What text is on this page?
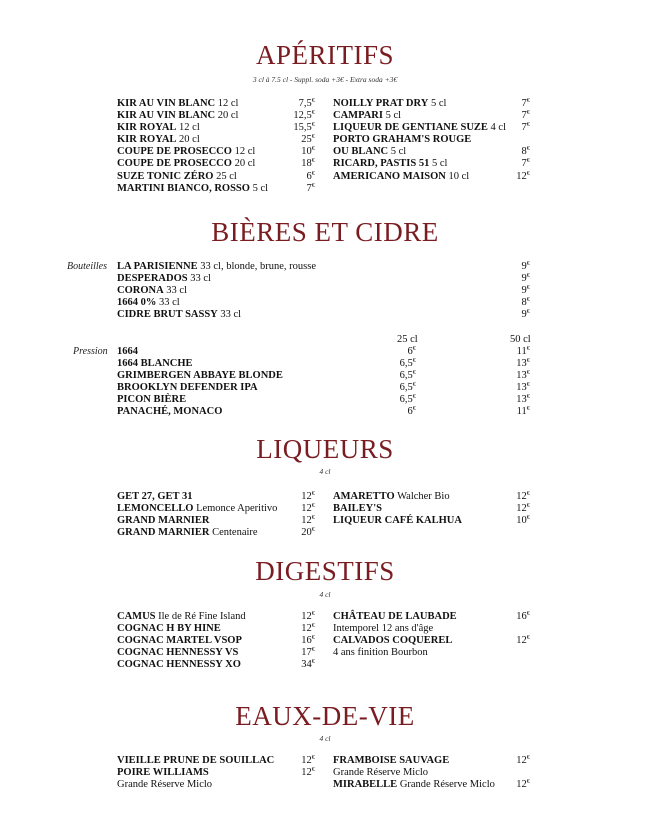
APÉRITIFS
3 cl à 7.5 cl - Suppl. soda +3€ - Extra soda +3€
KIR AU VIN BLANC 12 cl	7,5€
KIR AU VIN BLANC 20 cl	12,5€
KIR ROYAL 12 cl	15,5€
KIR ROYAL 20 cl	25€
COUPE DE PROSECCO 12 cl	10€
COUPE DE PROSECCO 20 cl	18€
SUZE TONIC ZÉRO 25 cl	6€
MARTINI BIANCO, ROSSO 5 cl	7€
NOILLY PRAT DRY 5 cl	7€
CAMPARI 5 cl	7€
LIQUEUR DE GENTIANE SUZE 4 cl 7€
PORTO GRAHAM'S ROUGE
OU BLANC 5 cl	8€
RICARD, PASTIS 51 5 cl	7€
AMERICANO MAISON 10 cl	12€
BIÈRES ET CIDRE
Bouteilles LA PARISIENNE 33 cl, blonde, brune, rousse	9€
DESPERADOS 33 cl	9€
CORONA 33 cl	9€
1664 0% 33 cl	8€
CIDRE BRUT SASSY 33 cl	9€
25 cl	50 cl
Pression 1664	6€	11€
1664 BLANCHE	6,5€	13€
GRIMBERGEN ABBAYE BLONDE	6,5€	13€
BROOKLYN DEFENDER IPA	6,5€	13€
PICON BIÈRE	6,5€	13€
PANACHÉ, MONACO	6€	11€
LIQUEURS
4 cl
GET 27, GET 31	12€
LEMONCELLO Lemonce Aperitivo 12€
GRAND MARNIER	12€
GRAND MARNIER Centenaire	20€
AMARETTO Walcher Bio	12€
BAILEY'S	12€
LIQUEUR CAFÉ KALHUA	10€
DIGESTIFS
4 cl
CAMUS Ile de Ré Fine Island	12€
COGNAC H BY HINE	12€
COGNAC MARTEL VSOP	16€
COGNAC HENNESSY VS	17€
COGNAC HENNESSY XO	34€
CHÂTEAU DE LAUBADE	16€
Intemporel 12 ans d'âge
CALVADOS COQUEREL	12€
4 ans finition Bourbon
EAUX-DE-VIE
4 cl
VIEILLE PRUNE DE SOUILLAC	12€
POIRE WILLIAMS	12€
Grande Réserve Miclo
FRAMBOISE SAUVAGE	12€
Grande Réserve Miclo
MIRABELLE Grande Réserve Miclo 12€
